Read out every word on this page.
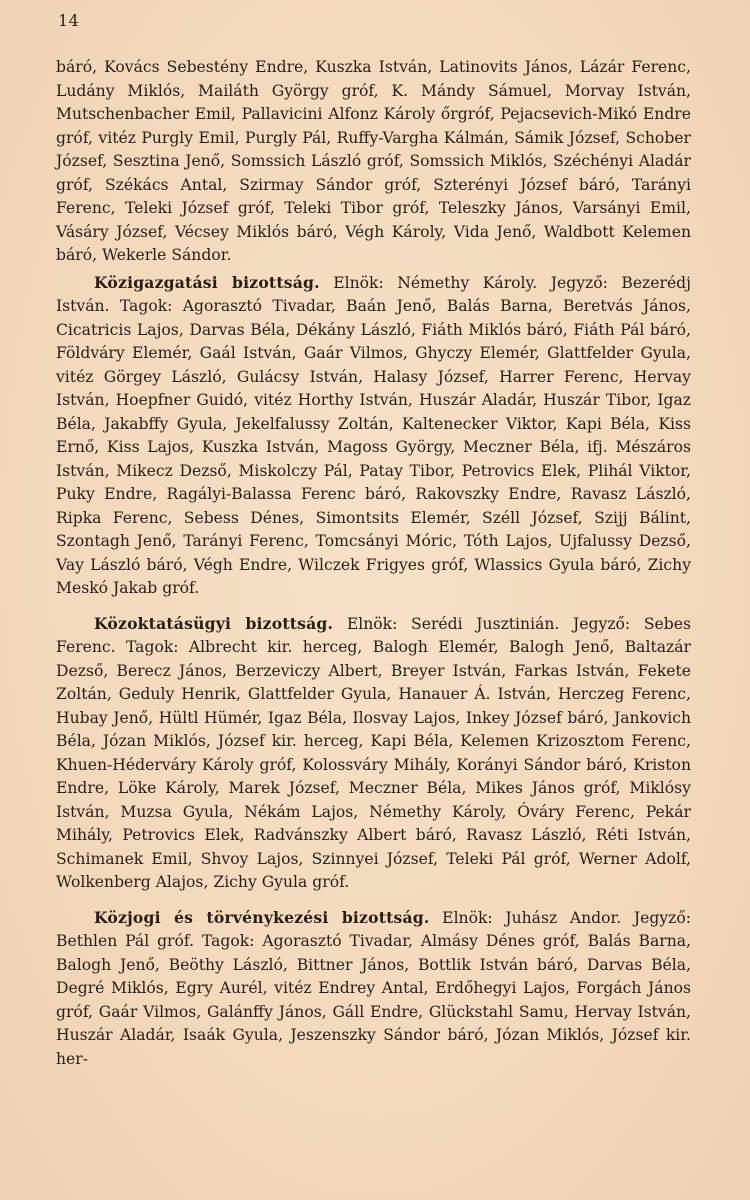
14

báró, Kovács Sebestény Endre, Kuszka István, Latinovits János, Lázár Ferenc, Ludány Miklós, Mailáth György gróf, K. Mándy Sámuel, Morvay István, Mutschenbacher Emil, Pallavicini Alfonz Károly őrgróf, Pejacsevich-Mikó Endre gróf, vitéz Purgly Emil, Purgly Pál, Ruffy-Vargha Kálmán, Sámik József, Schober József, Sesztina Jenő, Somssich László gróf, Somssich Miklós, Széchényi Aladár gróf, Székács Antal, Szirmay Sándor gróf, Szterényi József báró, Tarányi Ferenc, Teleki József gróf, Teleki Tibor gróf, Teleszky János, Varsányi Emil, Vásáry József, Vécsey Miklós báró, Végh Károly, Vida Jenő, Waldbott Kelemen báró, Wekerle Sándor.

Közigazgatási bizottság. Elnök: Némethy Károly. Jegyző: Bezerédj István. Tagok: Agorasztó Tivadar, Baán Jenő, Balás Barna, Beretvás János, Cicatricis Lajos, Darvas Béla, Dékány László, Fiáth Miklós báró, Fiáth Pál báró, Földváry Elemér, Gaál István, Gaár Vilmos, Ghyczy Elemér, Glattfelder Gyula, vitéz Görgey László, Gulácsy István, Halasy József, Harrer Ferenc, Hervay István, Hoepfner Guidó, vitéz Horthy István, Huszár Aladár, Huszár Tibor, Igaz Béla, Jakabffy Gyula, Jekelfalussy Zoltán, Kaltenecker Viktor, Kapi Béla, Kiss Ernő, Kiss Lajos, Kuszka István, Magoss György, Meczner Béla, ifj. Mészáros István, Mikecz Dezső, Miskolczy Pál, Patay Tibor, Petrovics Elek, Plihál Viktor, Puky Endre, Ragályi-Balassa Ferenc báró, Rakovszky Endre, Ravasz László, Ripka Ferenc, Sebess Dénes, Simontsits Elemér, Széll József, Szijj Bálint, Szontagh Jenő, Tarányi Ferenc, Tomcsányi Móric, Tóth Lajos, Ujfalussy Dezső, Vay László báró, Végh Endre, Wilczek Frigyes gróf, Wlassics Gyula báró, Zichy Meskó Jakab gróf.

Közoktatásügyi bizottság. Elnök: Serédi Jusztinián. Jegyző: Sebes Ferenc. Tagok: Albrecht kir. herceg, Balogh Elemér, Balogh Jenő, Baltazár Dezső, Berecz János, Berzeviczy Albert, Breyer István, Farkas István, Fekete Zoltán, Geduly Henrik, Glattfelder Gyula, Hanauer Á. István, Herczeg Ferenc, Hubay Jenő, Hültl Hümér, Igaz Béla, Ilosvay Lajos, Inkey József báró, Jankovich Béla, Józan Miklós, József kir. herceg, Kapi Béla, Kelemen Krizosztom Ferenc, Khuen-Héderváry Károly gróf, Kolossváry Mihály, Korányi Sándor báró, Kriston Endre, Löke Károly, Marek József, Meczner Béla, Mikes János gróf, Miklósy István, Muzsa Gyula, Nékám Lajos, Némethy Károly, Óváry Ferenc, Pekár Mihály, Petrovics Elek, Radvánszky Albert báró, Ravasz László, Réti István, Schimanek Emil, Shvoy Lajos, Szinnyei József, Teleki Pál gróf, Werner Adolf, Wolkenberg Alajos, Zichy Gyula gróf.

Közjogi és törvénykezési bizottság. Elnök: Juhász Andor. Jegyző: Bethlen Pál gróf. Tagok: Agorasztó Tivadar, Almásy Dénes gróf, Balás Barna, Balogh Jenő, Beöthy László, Bittner János, Bottlik István báró, Darvas Béla, Degré Miklós, Egry Aurél, vitéz Endrey Antal, Erdőhegyi Lajos, Forgách János gróf, Gaár Vilmos, Galánffy János, Gáll Endre, Glückstahl Samu, Hervay István, Huszár Aladár, Isaák Gyula, Jeszenszky Sándor báró, Józan Miklós, József kir. her-
